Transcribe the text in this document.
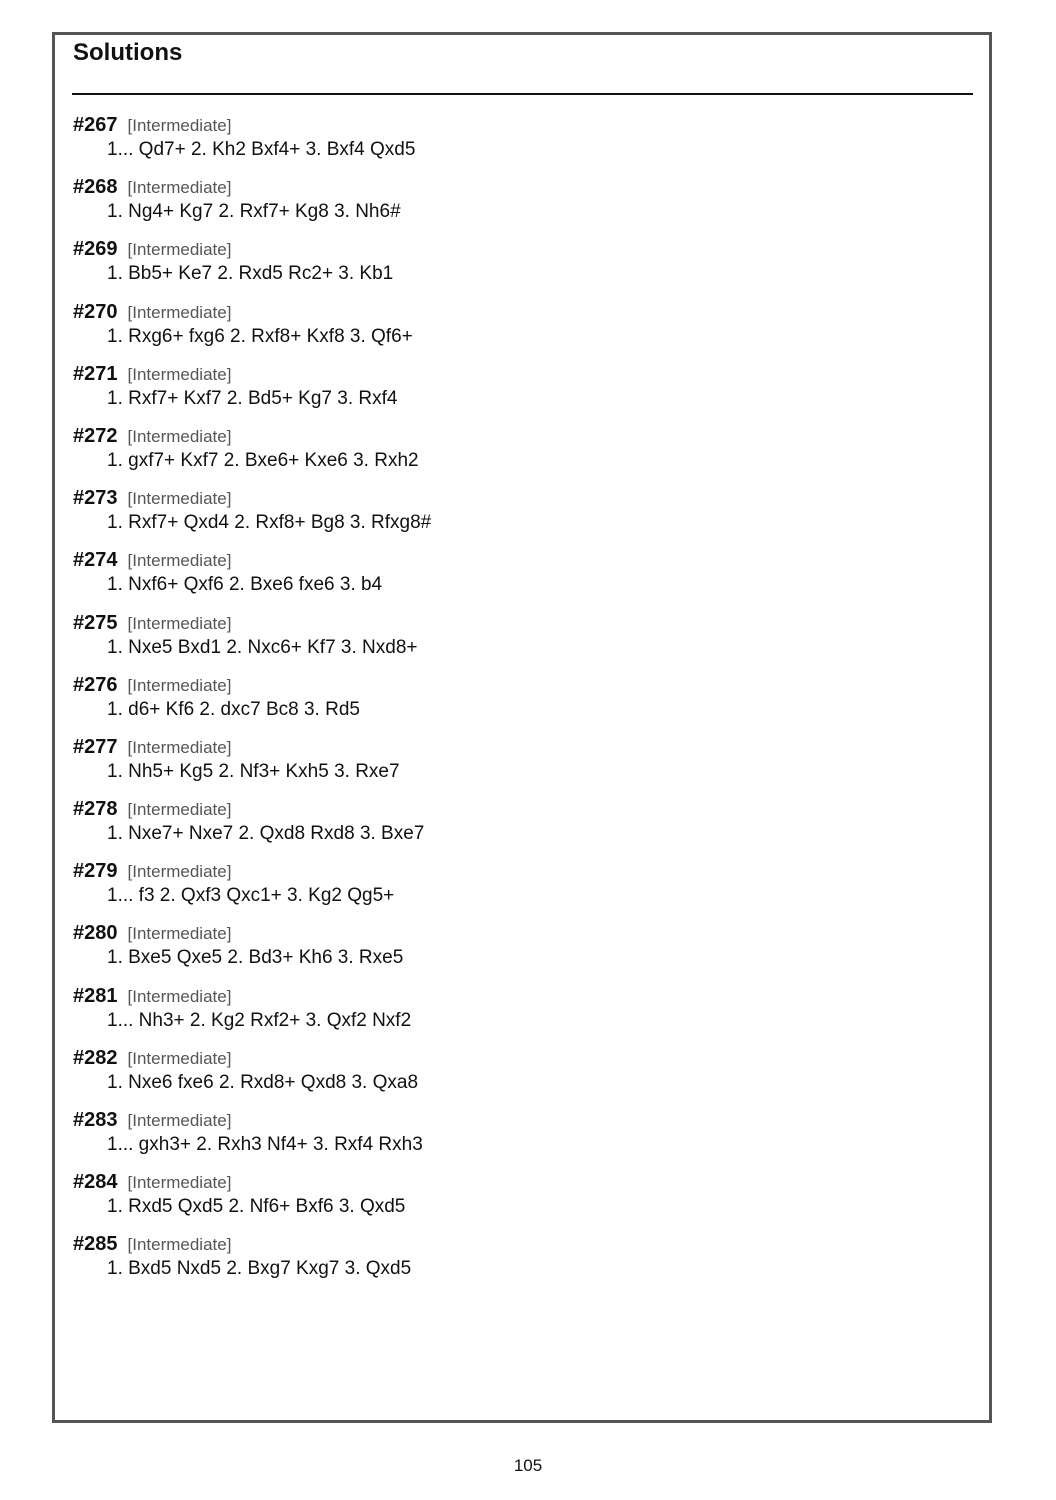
Solutions
#267 [Intermediate]
1... Qd7+ 2. Kh2 Bxf4+ 3. Bxf4 Qxd5
#268 [Intermediate]
1. Ng4+ Kg7 2. Rxf7+ Kg8 3. Nh6#
#269 [Intermediate]
1. Bb5+ Ke7 2. Rxd5 Rc2+ 3. Kb1
#270 [Intermediate]
1. Rxg6+ fxg6 2. Rxf8+ Kxf8 3. Qf6+
#271 [Intermediate]
1. Rxf7+ Kxf7 2. Bd5+ Kg7 3. Rxf4
#272 [Intermediate]
1. gxf7+ Kxf7 2. Bxe6+ Kxe6 3. Rxh2
#273 [Intermediate]
1. Rxf7+ Qxd4 2. Rxf8+ Bg8 3. Rfxg8#
#274 [Intermediate]
1. Nxf6+ Qxf6 2. Bxe6 fxe6 3. b4
#275 [Intermediate]
1. Nxe5 Bxd1 2. Nxc6+ Kf7 3. Nxd8+
#276 [Intermediate]
1. d6+ Kf6 2. dxc7 Bc8 3. Rd5
#277 [Intermediate]
1. Nh5+ Kg5 2. Nf3+ Kxh5 3. Rxe7
#278 [Intermediate]
1. Nxe7+ Nxe7 2. Qxd8 Rxd8 3. Bxe7
#279 [Intermediate]
1... f3 2. Qxf3 Qxc1+ 3. Kg2 Qg5+
#280 [Intermediate]
1. Bxe5 Qxe5 2. Bd3+ Kh6 3. Rxe5
#281 [Intermediate]
1... Nh3+ 2. Kg2 Rxf2+ 3. Qxf2 Nxf2
#282 [Intermediate]
1. Nxe6 fxe6 2. Rxd8+ Qxd8 3. Qxa8
#283 [Intermediate]
1... gxh3+ 2. Rxh3 Nf4+ 3. Rxf4 Rxh3
#284 [Intermediate]
1. Rxd5 Qxd5 2. Nf6+ Bxf6 3. Qxd5
#285 [Intermediate]
1. Bxd5 Nxd5 2. Bxg7 Kxg7 3. Qxd5
105
